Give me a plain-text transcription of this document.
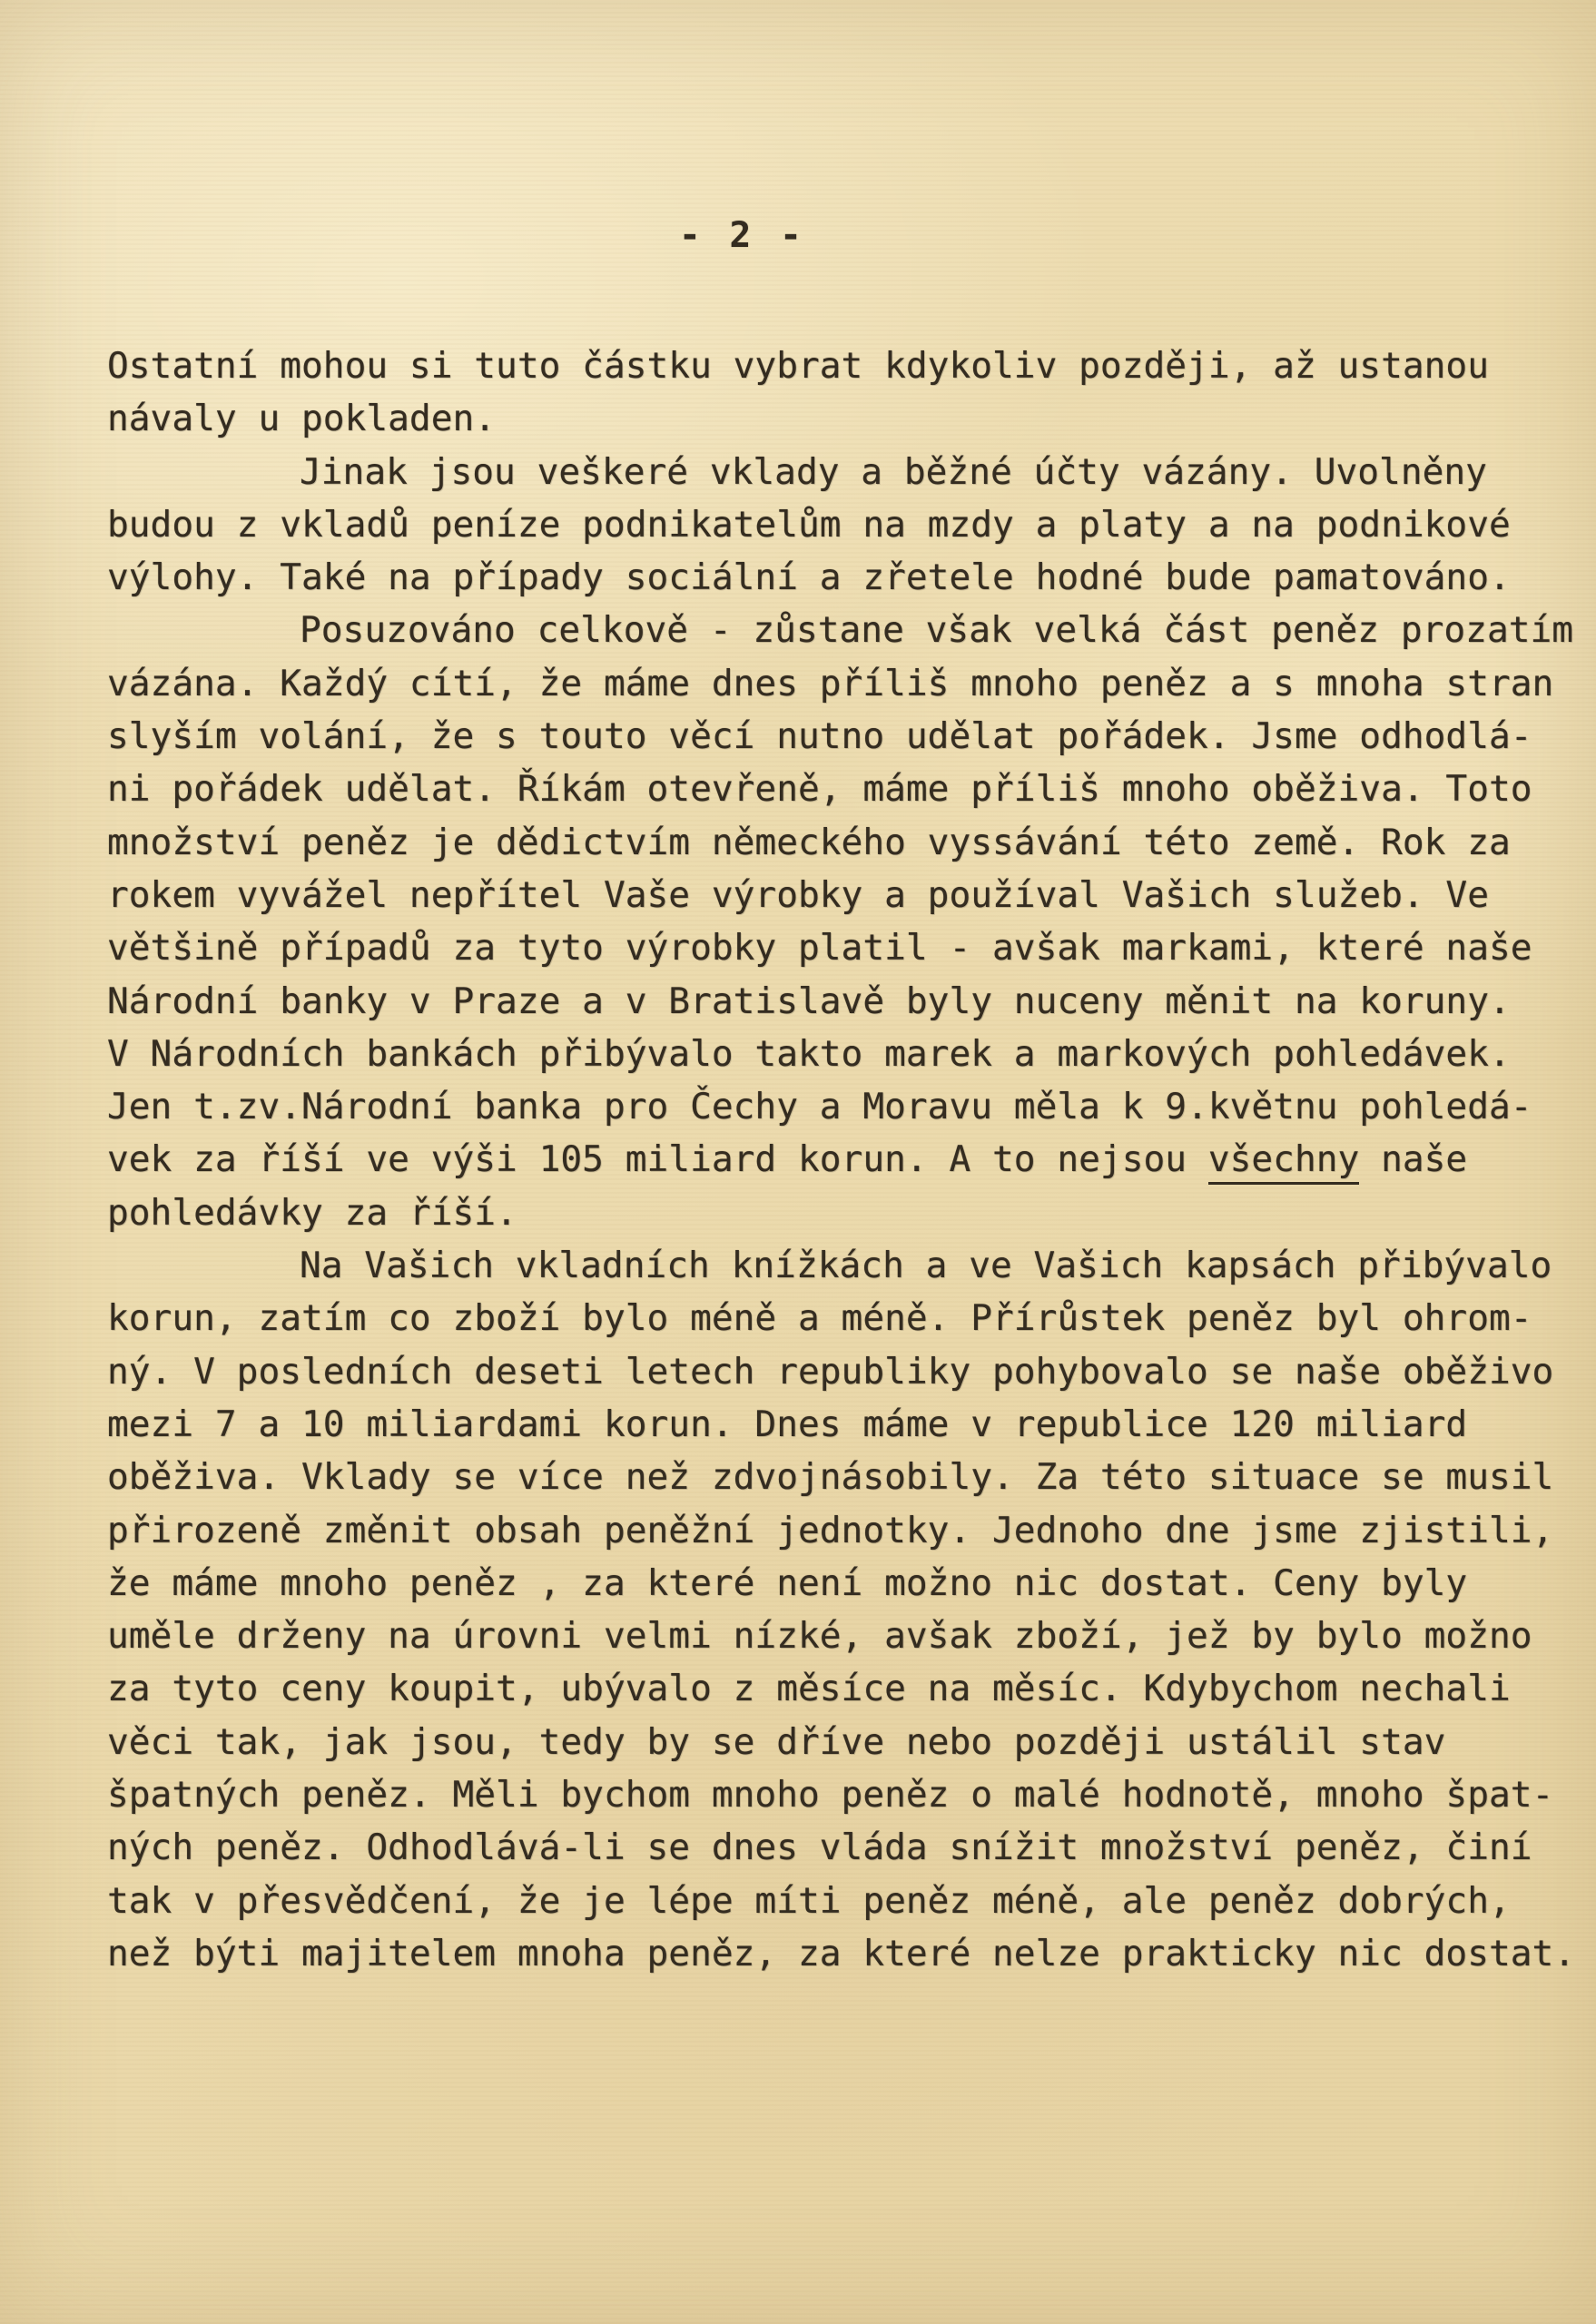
- 2 -
Ostatní mohou si tuto částku vybrat kdykoliv později, až ustanou
návaly u pokladen.
Jinak jsou veškeré vklady a běžné účty vázány. Uvolněny
budou z vkladů peníze podnikatelům na mzdy a platy a na podnikové
výlohy. Také na případy sociální a zřetele hodné bude pamatováno.
Posuzováno celkově - zůstane však velká část peněz prozatím
vázána. Každý cítí, že máme dnes příliš mnoho peněz a s mnoha stran
slyším volání, že s touto věcí nutno udělat pořádek. Jsme odhodlá-
ni pořádek udělat. Říkám otevřeně, máme příliš mnoho oběživa. Toto
množství peněz je dědictvím německého vyssávání této země. Rok za
rokem vyvážel nepřítel Vaše výrobky a používal Vašich služeb. Ve
většině případů za tyto výrobky platil - avšak markami, které naše
Národní banky v Praze a v Bratislavě byly nuceny měnit na koruny.
V Národních bankách přibývalo takto marek a markových pohledávek.
Jen t.zv.Národní banka pro Čechy a Moravu měla k 9.květnu pohledá-
vek za říší ve výši 105 miliard korun. A to nejsou všechny naše
pohledávky za říší.
Na Vašich vkladních knížkách a ve Vašich kapsách přibývalo
korun, zatím co zboží bylo méně a méně. Přírůstek peněz byl ohrom-
ný. V posledních deseti letech republiky pohybovalo se naše oběživo
mezi 7 a 10 miliardami korun. Dnes máme v republice 120 miliard
oběživa. Vklady se více než zdvojnásobily. Za této situace se musil
přirozeně změnit obsah peněžní jednotky. Jednoho dne jsme zjistili,
že máme mnoho peněz , za které není možno nic dostat. Ceny byly
uměle drženy na úrovni velmi nízké, avšak zboží, jež by bylo možno
za tyto ceny koupit, ubývalo z měsíce na měsíc. Kdybychom nechali
věci tak, jak jsou, tedy by se dříve nebo později ustálil stav
špatných peněz. Měli bychom mnoho peněz o malé hodnotě, mnoho špat-
ných peněz. Odhodlává-li se dnes vláda snížit množství peněz, činí
tak v přesvědčení, že je lépe míti peněz méně, ale peněz dobrých,
než býti majitelem mnoha peněz, za které nelze prakticky nic dostat.
